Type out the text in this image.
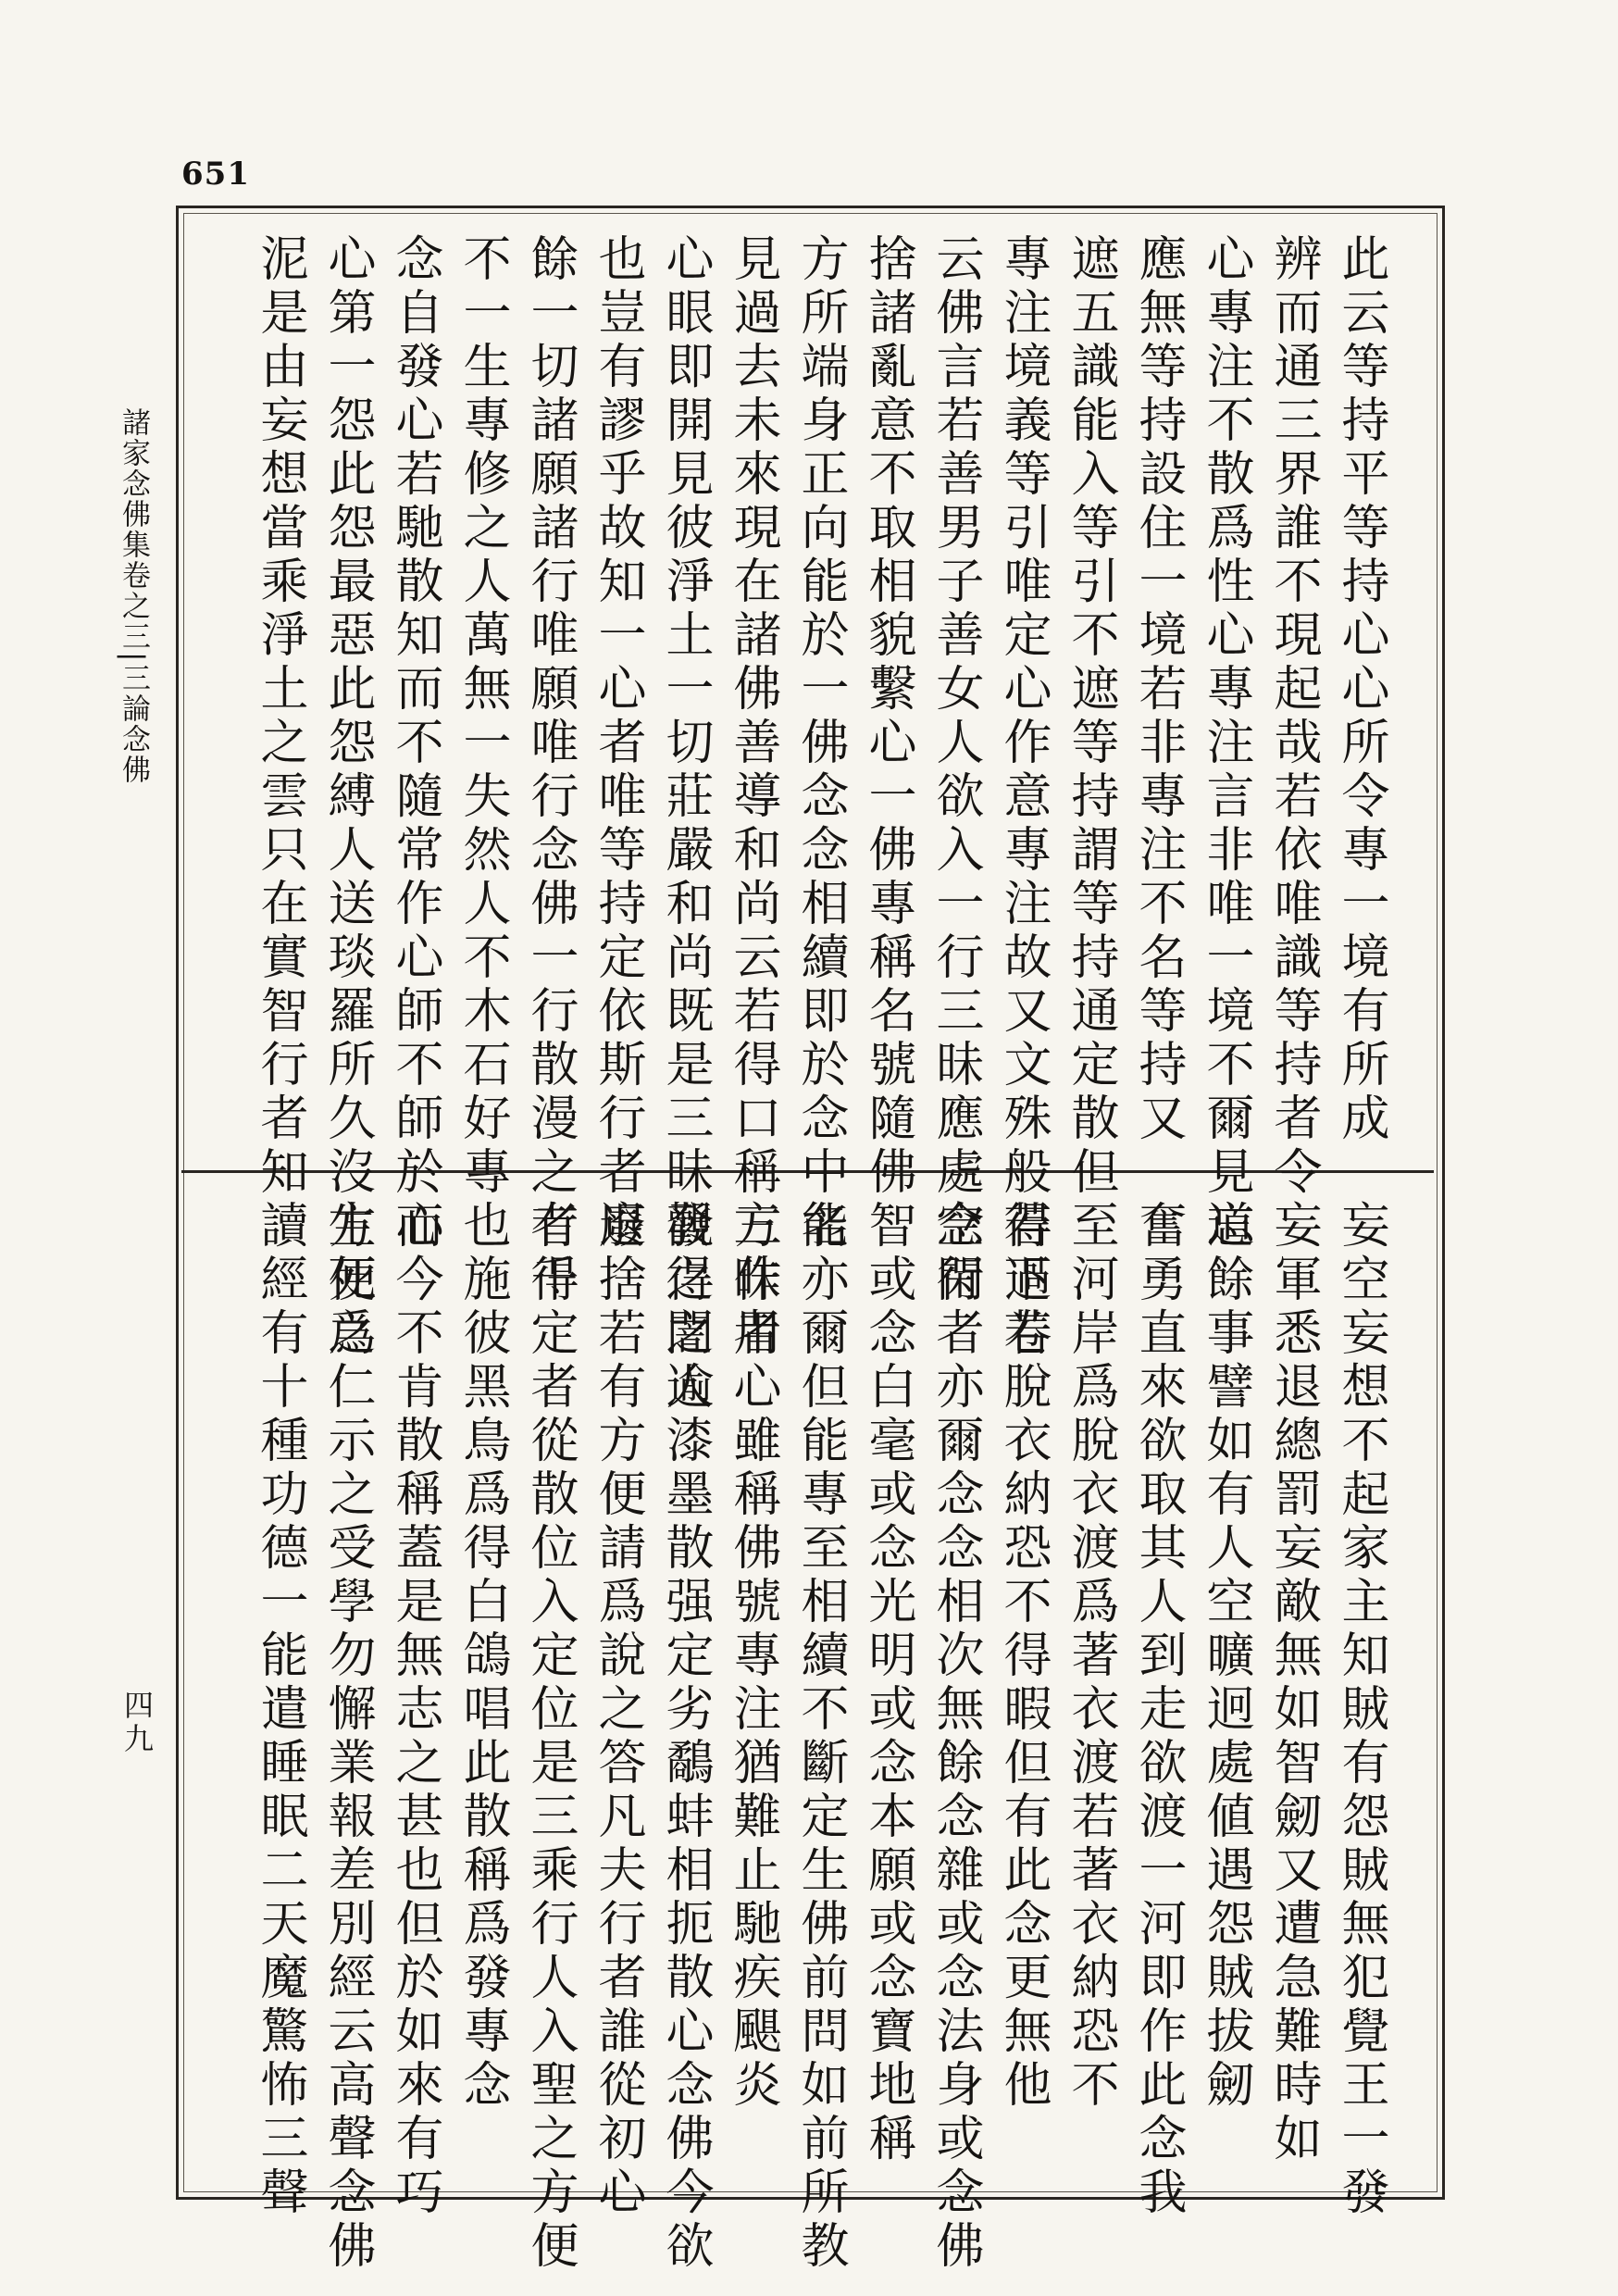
651
諸家念佛集卷之三|三論念佛
四九
此云等持平等持心心所令專一境有所成
辨而通三界誰不現起哉若依唯識等持者令
心專注不散爲性心專注言非唯一境不爾見道
應無等持設住一境若非專注不名等持又
遮五識能入等引不遮等持謂等持通定散但
專注境義等引唯定心作意專注故又文殊般若下卷
云佛言若善男子善女人欲入一行三昧應處空閑
捨諸亂意不取相貌繫心一佛專稱名號隨佛
方所端身正向能於一佛念念相續即於念中能
見過去未來現在諸佛善導和尚云若得口稱三昧者
心眼即開見彼淨土一切莊嚴和尚既是三昧發得之人
也豈有謬乎故知一心者唯等持定依斯行者廢
餘一切諸願諸行唯願唯行念佛一行散漫之者千
不一生專修之人萬無一失然人不木石好專
念自發心若馳散知而不隨常作心師不師於心
心第一怨此怨最惡此怨縛人送琰羅所久沒生死之
泥是由妄想當乘淨土之雲只在實智行者知
妄空妄想不起家主知賊有怨賊無犯覺王一發
妄軍悉退總罰妄敵無如智劒又遭急難時如
忘餘事譬如有人空曠迥處値遇怨賊拔劒
奮勇直來欲取其人到走欲渡一河即作此念我
至河岸爲脫衣渡爲著衣渡若著衣納恐不
得過若脫衣納恐不得暇但有此念更無他
念行者亦爾念念相次無餘念雜或念法身或念佛
智或念白毫或念光明或念本願或念寶地稱
名亦爾但能專至相續不斷定生佛前問如前所教
方作用心雖稱佛號專注猶難止馳疾颶炎
觀之闇逾漆墨散强定劣鷸蚌相扼散心念佛今欲
退捨若有方便請爲說之答凡夫行者誰從初心
有得定者從散位入定位是三乘行人入聖之方便
也施彼黑鳥爲得白鴿唱此散稱爲發專念
而今不肯散稱蓋是無志之甚也但於如來有巧
方便爲仁示之受學勿懈業報差別經云高聲念佛
讀經有十種功德一能遣睡眠二天魔驚怖三聲
